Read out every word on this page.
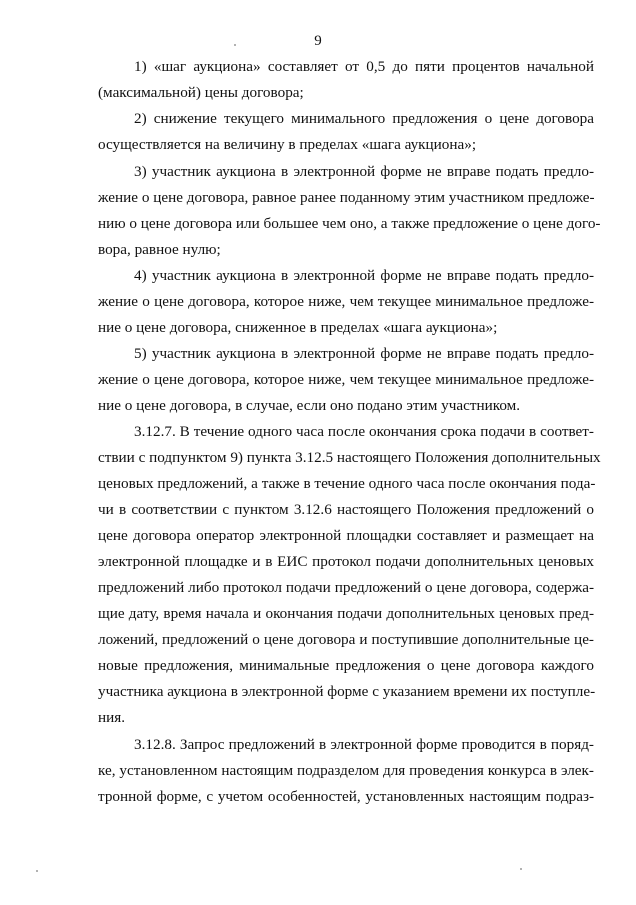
9
1) «шаг аукциона» составляет от 0,5 до пяти процентов начальной
(максимальной) цены договора;
2) снижение текущего минимального предложения о цене договора
осуществляется на величину в пределах «шага аукциона»;
3) участник аукциона в электронной форме не вправе подать предло-
жение о цене договора, равное ранее поданному этим участником предложе-
нию о цене договора или большее чем оно, а также предложение о цене дого-
вора, равное нулю;
4) участник аукциона в электронной форме не вправе подать предло-
жение о цене договора, которое ниже, чем текущее минимальное предложе-
ние о цене договора, сниженное в пределах «шага аукциона»;
5) участник аукциона в электронной форме не вправе подать предло-
жение о цене договора, которое ниже, чем текущее минимальное предложе-
ние о цене договора, в случае, если оно подано этим участником.
3.12.7. В течение одного часа после окончания срока подачи в соответ-
ствии с подпунктом 9) пункта 3.12.5 настоящего Положения дополнительных
ценовых предложений, а также в течение одного часа после окончания пода-
чи в соответствии с пунктом 3.12.6 настоящего Положения предложений о
цене договора оператор электронной площадки составляет и размещает на
электронной площадке и в ЕИС протокол подачи дополнительных ценовых
предложений либо протокол подачи предложений о цене договора, содержа-
щие дату, время начала и окончания подачи дополнительных ценовых пред-
ложений, предложений о цене договора и поступившие дополнительные це-
новые предложения, минимальные предложения о цене договора каждого
участника аукциона в электронной форме с указанием времени их поступле-
ния.
3.12.8. Запрос предложений в электронной форме проводится в поряд-
ке, установленном настоящим подразделом для проведения конкурса в элек-
тронной форме, с учетом особенностей, установленных настоящим подраз-
